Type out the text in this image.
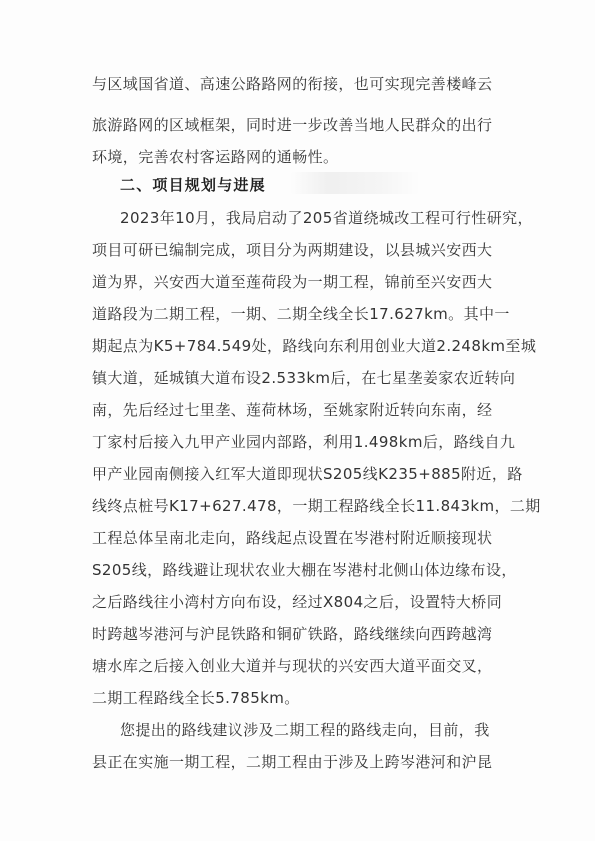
与区域国省道、高速公路路网的衔接，也可实现完善楼峰云
旅游路网的区域框架，同时进一步改善当地人民群众的出行
环境，完善农村客运路网的通畅性。
二、项目规划与进展
2023年10月，我局启动了205省道绕城改工程可行性研究，
项目可研已编制完成，项目分为两期建设，以县城兴安西大
道为界，兴安西大道至莲荷段为一期工程，锦前至兴安西大
道路段为二期工程，一期、二期全线全长17.627km。其中一
期起点为K5+784.549处，路线向东利用创业大道2.248km至城
镇大道，延城镇大道布设2.533km后，在七星垄姜家农近转向
南，先后经过七里垄、莲荷林场，至姚家附近转向东南，经
丁家村后接入九甲产业园内部路，利用1.498km后，路线自九
甲产业园南侧接入红军大道即现状S205线K235+885附近，路
线终点桩号K17+627.478，一期工程路线全长11.843km，二期
工程总体呈南北走向，路线起点设置在岑港村附近顺接现状
S205线，路线避让现状农业大棚在岑港村北侧山体边缘布设，
之后路线往小湾村方向布设，经过X804之后，设置特大桥同
时跨越岑港河与沪昆铁路和铜矿铁路，路线继续向西跨越湾
塘水库之后接入创业大道并与现状的兴安西大道平面交叉，
二期工程路线全长5.785km。
您提出的路线建议涉及二期工程的路线走向，目前，我
县正在实施一期工程，二期工程由于涉及上跨岑港河和沪昆
